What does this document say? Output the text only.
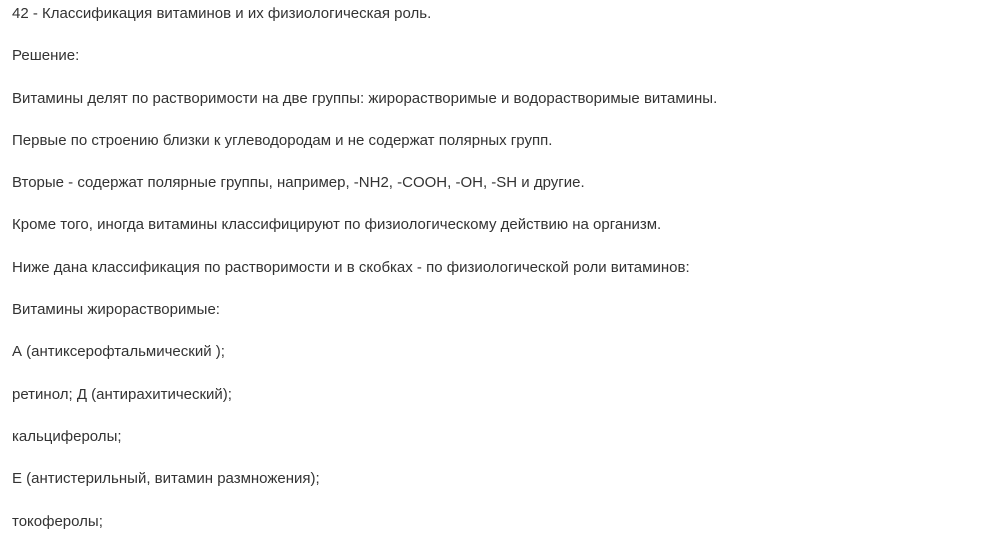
42 - Классификация витаминов и их физиологическая роль.

Решение:

Витамины делят по растворимости на две группы: жирорастворимые и водорастворимые витамины.

Первые по строению близки к углеводородам и не содержат полярных групп.

Вторые - содержат полярные группы, например, -NH2, -COOH, -OH, -SH и другие.

Кроме того, иногда витамины классифицируют по физиологическому действию на организм.

Ниже дана классификация по растворимости и в скобках - по физиологической роли витаминов:

Витамины жирорастворимые:

А (антиксерофтальмический );

ретинол; Д (антирахитический);

кальциферолы;

Е (антистерильный, витамин размножения);

токоферолы;
